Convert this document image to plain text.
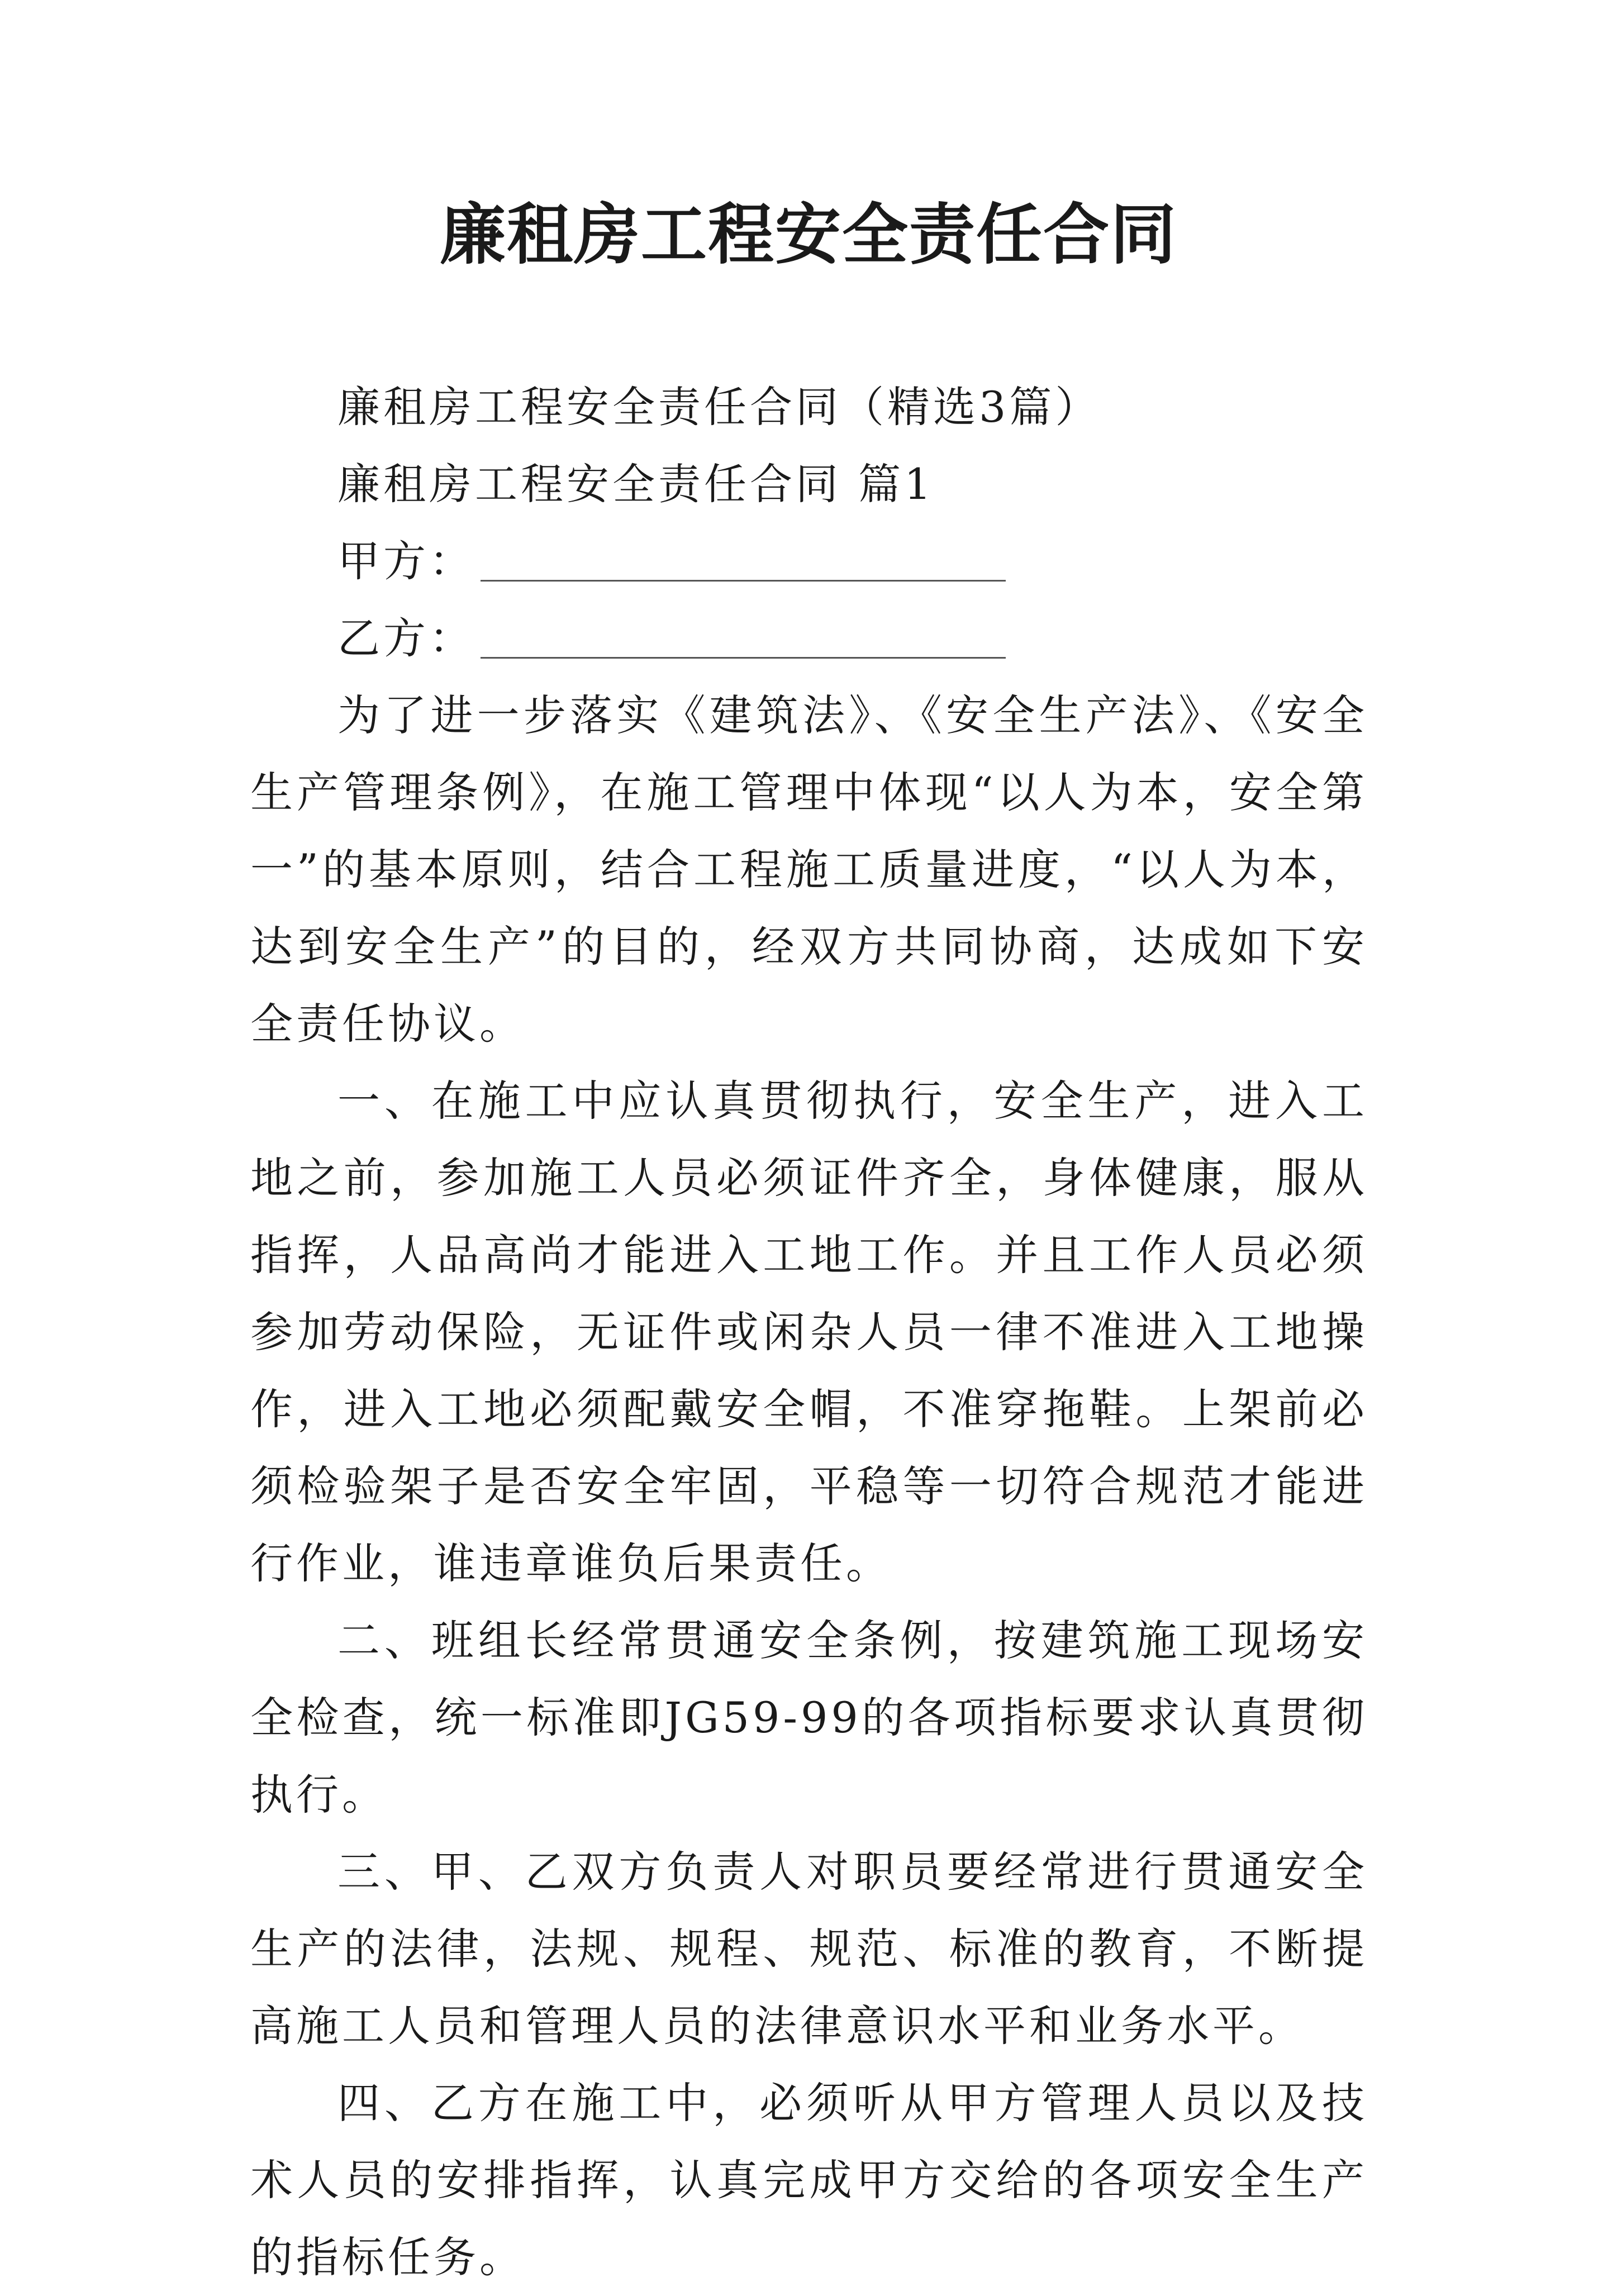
廉租房工程安全责任合同
廉租房工程安全责任合同（精选3篇）
廉租房工程安全责任合同 篇1
甲方：
乙方：

为了进一步落实《建筑法》、《安全生产法》、《安全生产管理条例》，在施工管理中体现“以人为本，安全第一”的基本原则，结合工程施工质量进度，“以人为本，达到安全生产”的目的，经双方共同协商，达成如下安全责任协议。

一、在施工中应认真贯彻执行，安全生产，进入工地之前，参加施工人员必须证件齐全，身体健康，服从指挥，人品高尚才能进入工地工作。并且工作人员必须参加劳动保险，无证件或闲杂人员一律不准进入工地操作，进入工地必须配戴安全帽，不准穿拖鞋。上架前必须检验架子是否安全牢固，平稳等一切符合规范才能进行作业，谁违章谁负后果责任。

二、班组长经常贯通安全条例，按建筑施工现场安全检查，统一标准即JG59-99的各项指标要求认真贯彻执行。

三、甲、乙双方负责人对职员要经常进行贯通安全生产的法律，法规、规程、规范、标准的教育，不断提高施工人员和管理人员的法律意识水平和业务水平。

四、乙方在施工中，必须听从甲方管理人员以及技术人员的安排指挥，认真完成甲方交给的各项安全生产的指标任务。
